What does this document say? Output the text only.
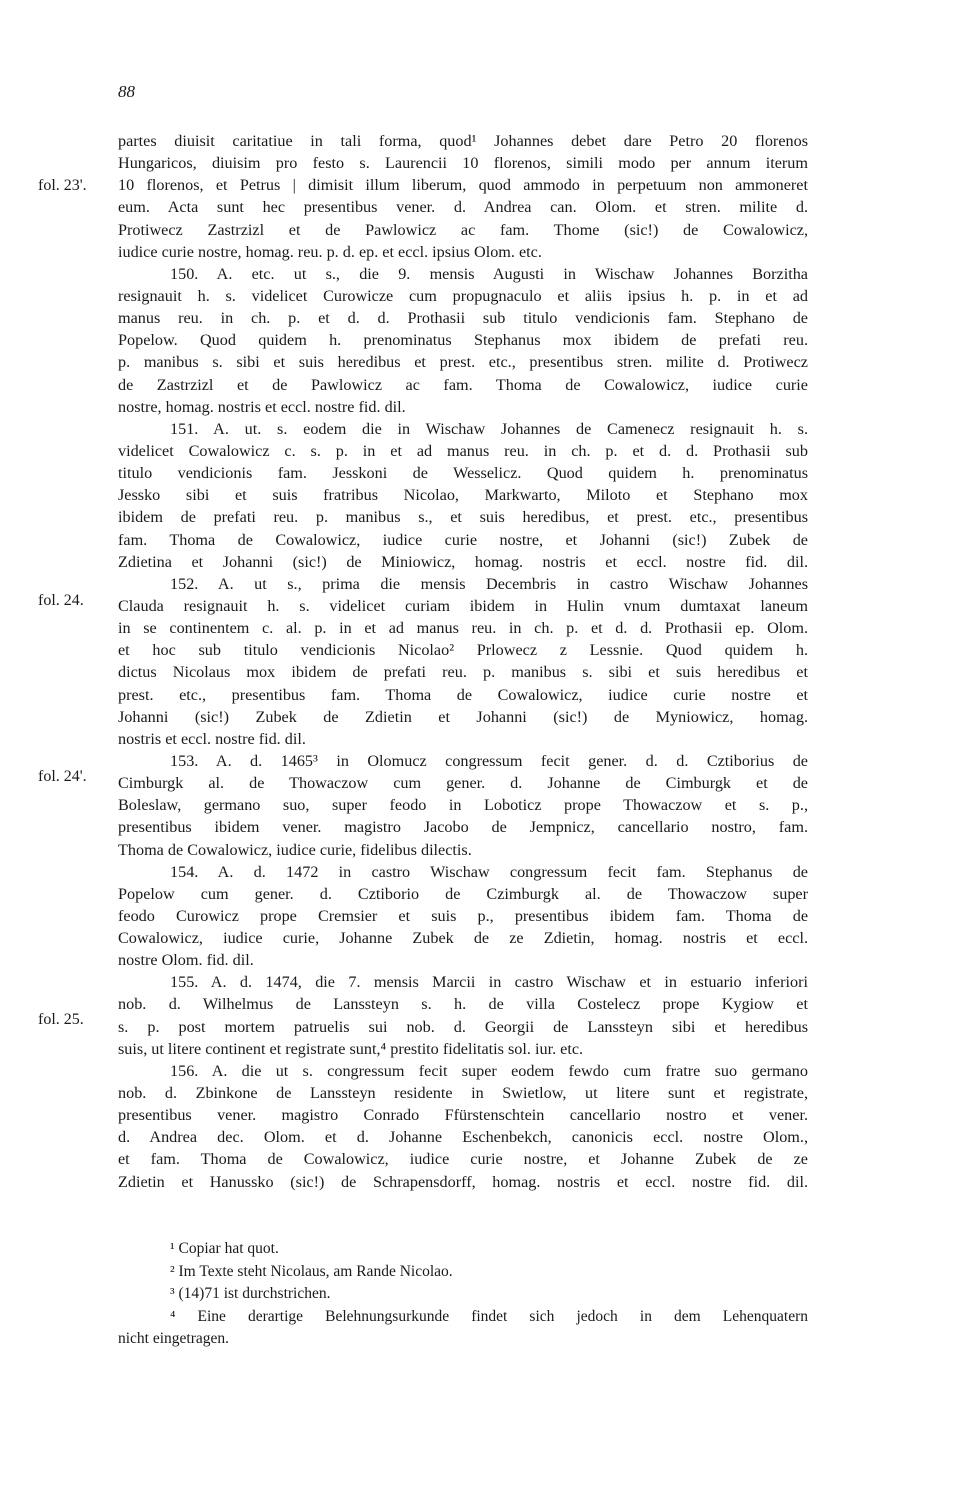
88
fol. 23'.
fol. 24.
fol. 24'.
fol. 25.
partes diuisit caritatiue in tali forma, quod¹ Johannes debet dare Petro 20 florenos
Hungaricos, diuisim pro festo s. Laurencii 10 florenos, simili modo per annum iterum
10 florenos, et Petrus | dimisit illum liberum, quod ammodo in perpetuum non ammoneret
eum. Acta sunt hec presentibus vener. d. Andrea can. Olom. et stren. milite d.
Protiwecz Zastrzizl et de Pawlowicz ac fam. Thome (sic!) de Cowalowicz,
iudice curie nostre, homag. reu. p. d. ep. et eccl. ipsius Olom. etc.
150. A. etc. ut s., die 9. mensis Augusti in Wischaw Johannes Borzitha
resignauit h. s. videlicet Curowicze cum propugnaculo et aliis ipsius h. p. in et ad
manus reu. in ch. p. et d. d. Prothasii sub titulo vendicionis fam. Stephano de
Popelow. Quod quidem h. prenominatus Stephanus mox ibidem de prefati reu.
p. manibus s. sibi et suis heredibus et prest. etc., presentibus stren. milite d. Protiwecz
de Zastrzizl et de Pawlowicz ac fam. Thoma de Cowalowicz, iudice curie
nostre, homag. nostris et eccl. nostre fid. dil.
151. A. ut. s. eodem die in Wischaw Johannes de Camenecz resignauit h. s.
videlicet Cowalowicz c. s. p. in et ad manus reu. in ch. p. et d. d. Prothasii sub
titulo vendicionis fam. Jesskoni de Wesselicz. Quod quidem h. prenominatus
Jessko sibi et suis fratribus Nicolao, Markwarto, Miloto et Stephano mox
ibidem de prefati reu. p. manibus s., et suis heredibus, et prest. etc., presentibus
fam. Thoma de Cowalowicz, iudice curie nostre, et Johanni (sic!) Zubek de
Zdietina et Johanni (sic!) de Miniowicz, homag. nostris et eccl. nostre fid. dil.
152. A. ut s., prima die mensis Decembris in castro Wischaw Johannes
Clauda resignauit h. s. videlicet curiam ibidem in Hulin vnum dumtaxat laneum
in se continentem c. al. p. in et ad manus reu. in ch. p. et d. d. Prothasii ep. Olom.
et hoc sub titulo vendicionis Nicolao² Prlowecz z Lessnie. Quod quidem h.
dictus Nicolaus mox ibidem de prefati reu. p. manibus s. sibi et suis heredibus et
prest. etc., presentibus fam. Thoma de Cowalowicz, iudice curie nostre et
Johanni (sic!) Zubek de Zdietin et Johanni (sic!) de Myniowicz, homag.
nostris et eccl. nostre fid. dil.
153. A. d. 1465³ in Olomucz congressum fecit gener. d. d. Cztiborius de
Cimburgk al. de Thowaczow cum gener. d. Johanne de Cimburgk et de
Boleslaw, germano suo, super feodo in Loboticz prope Thowaczow et s. p.,
presentibus ibidem vener. magistro Jacobo de Jempnicz, cancellario nostro, fam.
Thoma de Cowalowicz, iudice curie, fidelibus dilectis.
154. A. d. 1472 in castro Wischaw congressum fecit fam. Stephanus de
Popelow cum gener. d. Cztiborio de Czimburgk al. de Thowaczow super
feodo Curowicz prope Cremsier et suis p., presentibus ibidem fam. Thoma de
Cowalowicz, iudice curie, Johanne Zubek de ze Zdietin, homag. nostris et eccl.
nostre Olom. fid. dil.
155. A. d. 1474, die 7. mensis Marcii in castro Wischaw et in estuario inferiori
nob. d. Wilhelmus de Lanssteyn s. h. de villa Costelecz prope Kygiow et
s. p. post mortem patruelis sui nob. d. Georgii de Lanssteyn sibi et heredibus
suis, ut litere continent et registrate sunt,⁴ prestito fidelitatis sol. iur. etc.
156. A. die ut s. congressum fecit super eodem fewdo cum fratre suo germano
nob. d. Zbinkone de Lanssteyn residente in Swietlow, ut litere sunt et registrate,
presentibus vener. magistro Conrado Ffürstenschtein cancellario nostro et vener.
d. Andrea dec. Olom. et d. Johanne Eschenbekch, canonicis eccl. nostre Olom.,
et fam. Thoma de Cowalowicz, iudice curie nostre, et Johanne Zubek de ze
Zdietin et Hanussko (sic!) de Schrapensdorff, homag. nostris et eccl. nostre fid. dil.
¹ Copiar hat quot.
² Im Texte steht Nicolaus, am Rande Nicolao.
³ (14)71 ist durchstrichen.
⁴ Eine derartige Belehnungsurkunde findet sich jedoch in dem Lehenquatern
nicht eingetragen.
